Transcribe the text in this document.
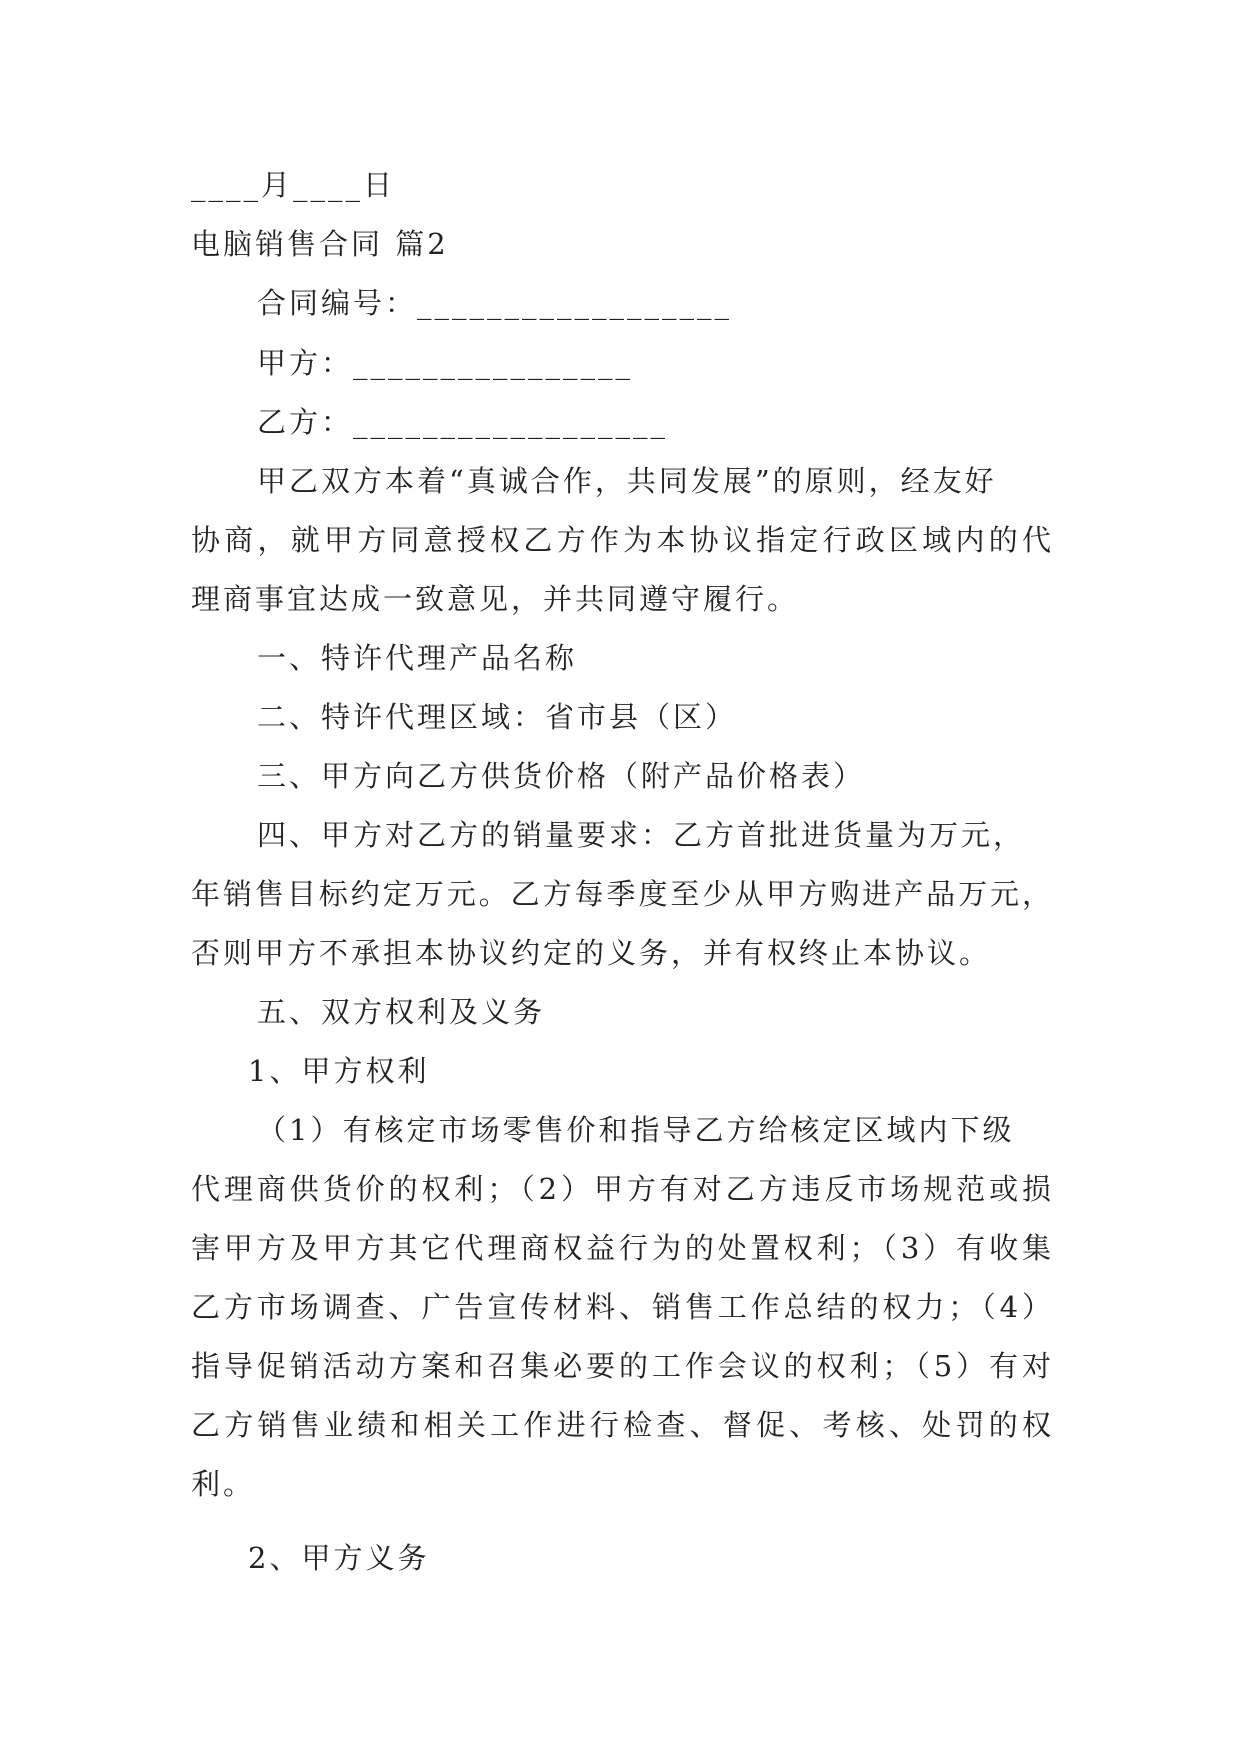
____月____日
电脑销售合同 篇2
合同编号：__________________
甲方：________________
乙方：__________________
甲乙双方本着“真诚合作，共同发展”的原则，经友好
协商，就甲方同意授权乙方作为本协议指定行政区域内的代
理商事宜达成一致意见，并共同遵守履行。
一、特许代理产品名称
二、特许代理区域：省市县（区）
三、甲方向乙方供货价格（附产品价格表）
四、甲方对乙方的销量要求：乙方首批进货量为万元，
年销售目标约定万元。乙方每季度至少从甲方购进产品万元，
否则甲方不承担本协议约定的义务，并有权终止本协议。
五、双方权利及义务
1、甲方权利
（1）有核定市场零售价和指导乙方给核定区域内下级
代理商供货价的权利；（2）甲方有对乙方违反市场规范或损
害甲方及甲方其它代理商权益行为的处置权利；（3）有收集
乙方市场调查、广告宣传材料、销售工作总结的权力；（4）
指导促销活动方案和召集必要的工作会议的权利；（5）有对
乙方销售业绩和相关工作进行检查、督促、考核、处罚的权
利。
2、甲方义务
